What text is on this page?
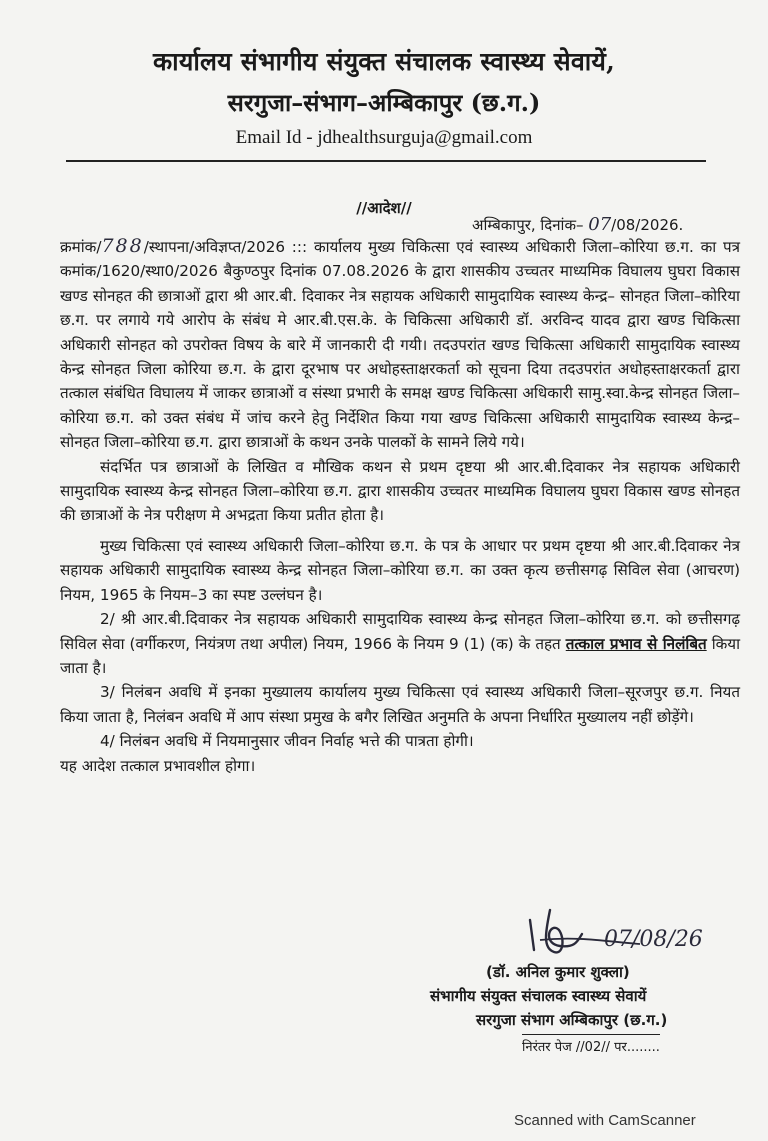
कार्यालय संभागीय संयुक्त संचालक स्वास्थ्य सेवायें,
सरगुजा–संभाग–अम्बिकापुर (छ.ग.)
Email Id - jdhealthsurguja@gmail.com
//आदेश//
अम्बिकापुर, दिनांक– 07/08/2026.

क्रमांक/788/स्थापना/अविज्ञप्त/2026 ::: कार्यालय मुख्य चिकित्सा एवं स्वास्थ्य अधिकारी जिला–कोरिया छ.ग. का पत्र कमांक/1620/स्था0/2026 बैकुण्ठपुर दिनांक 07.08.2026 के द्वारा शासकीय उच्चतर माध्यमिक विघालय घुघरा विकास खण्ड सोनहत की छात्राओं द्वारा श्री आर.बी. दिवाकर नेत्र सहायक अधिकारी सामुदायिक स्वास्थ्य केन्द्र– सोनहत जिला–कोरिया छ.ग. पर लगाये गये आरोप के संबंध मे आर.बी.एस.के. के चिकित्सा अधिकारी डॉ. अरविन्द यादव द्वारा खण्ड चिकित्सा अधिकारी सोनहत को उपरोक्त विषय के बारे में जानकारी दी गयी। तदउपरांत खण्ड चिकित्सा अधिकारी सामुदायिक स्वास्थ्य केन्द्र सोनहत जिला कोरिया छ.ग. के द्वारा दूरभाष पर अधोहस्ताक्षरकर्ता को सूचना दिया तदउपरांत अधोहस्ताक्षरकर्ता द्वारा तत्काल संबंधित विघालय में जाकर छात्राओं व संस्था प्रभारी के समक्ष खण्ड चिकित्सा अधिकारी सामु.स्वा.केन्द्र सोनहत जिला–कोरिया छ.ग. को उक्त संबंध में जांच करने हेतु निर्देशित किया गया खण्ड चिकित्सा अधिकारी सामुदायिक स्वास्थ्य केन्द्र–सोनहत जिला–कोरिया छ.ग. द्वारा छात्राओं के कथन उनके पालकों के सामने लिये गये।

संदर्भित पत्र छात्राओं के लिखित व मौखिक कथन से प्रथम दृष्टया श्री आर.बी.दिवाकर नेत्र सहायक अधिकारी सामुदायिक स्वास्थ्य केन्द्र सोनहत जिला–कोरिया छ.ग. द्वारा शासकीय उच्चतर माध्यमिक विघालय घुघरा विकास खण्ड सोनहत की छात्राओं के नेत्र परीक्षण मे अभद्रता किया प्रतीत होता है।

मुख्य चिकित्सा एवं स्वास्थ्य अधिकारी जिला–कोरिया छ.ग. के पत्र के आधार पर प्रथम दृष्टया श्री आर.बी.दिवाकर नेत्र सहायक अधिकारी सामुदायिक स्वास्थ्य केन्द्र सोनहत जिला–कोरिया छ.ग. का उक्त कृत्य छत्तीसगढ़ सिविल सेवा (आचरण) नियम, 1965 के नियम–3 का स्पष्ट उल्लंघन है।

2/ श्री आर.बी.दिवाकर नेत्र सहायक अधिकारी सामुदायिक स्वास्थ्य केन्द्र सोनहत जिला–कोरिया छ.ग. को छत्तीसगढ़ सिविल सेवा (वर्गीकरण, नियंत्रण तथा अपील) नियम, 1966 के नियम 9 (1) (क) के तहत तत्काल प्रभाव से निलंबित किया जाता है।

3/ निलंबन अवधि में इनका मुख्यालय कार्यालय मुख्य चिकित्सा एवं स्वास्थ्य अधिकारी जिला–सूरजपुर छ.ग. नियत किया जाता है, निलंबन अवधि में आप संस्था प्रमुख के बगैर लिखित अनुमति के अपना निर्धारित मुख्यालय नहीं छोड़ेंगे।

4/ निलंबन अवधि में नियमानुसार जीवन निर्वाह भत्ते की पात्रता होगी।

यह आदेश तत्काल प्रभावशील होगा।

07/08/26
(डॉ. अनिल कुमार शुक्ला)
संभागीय संयुक्त संचालक स्वास्थ्य सेवायें
सरगुजा संभाग अम्बिकापुर (छ.ग.)
निरंतर पेज //02// पर........
Scanned with CamScanner
